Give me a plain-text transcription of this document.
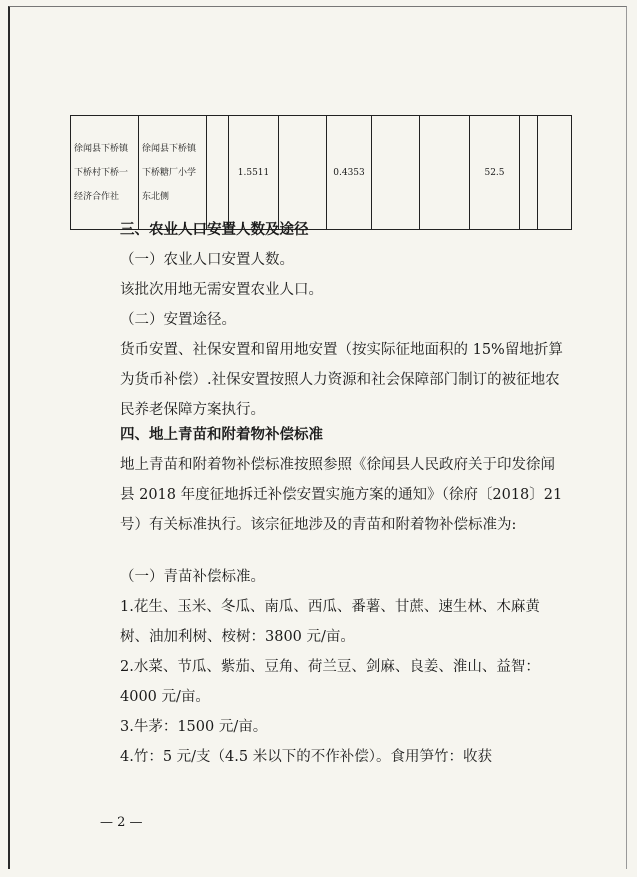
徐闻县下桥镇下桥村下桥一经济合作社	徐闻县下桥镇下桥糖厂小学东北侧		1.5511		0.4353			52.5		
三、农业人口安置人数及途径
（一）农业人口安置人数。
该批次用地无需安置农业人口。
（二）安置途径。
货币安置、社保安置和留用地安置（按实际征地面积的 15%留地折算为货币补偿）.社保安置按照人力资源和社会保障部门制订的被征地农民养老保障方案执行。
四、地上青苗和附着物补偿标准
地上青苗和附着物补偿标准按照参照《徐闻县人民政府关于印发徐闻县 2018 年度征地拆迁补偿安置实施方案的通知》（徐府〔2018〕21 号）有关标准执行。该宗征地涉及的青苗和附着物补偿标准为:
（一）青苗补偿标准。
1.花生、玉米、冬瓜、南瓜、西瓜、番薯、甘蔗、速生林、木麻黄树、油加利树、桉树：3800 元/亩。
2.水菜、节瓜、紫茄、豆角、荷兰豆、剑麻、良姜、淮山、益智：4000 元/亩。
3.牛茅：1500 元/亩。
4.竹：5 元/支（4.5 米以下的不作补偿）。食用笋竹：收获
— 2 —
